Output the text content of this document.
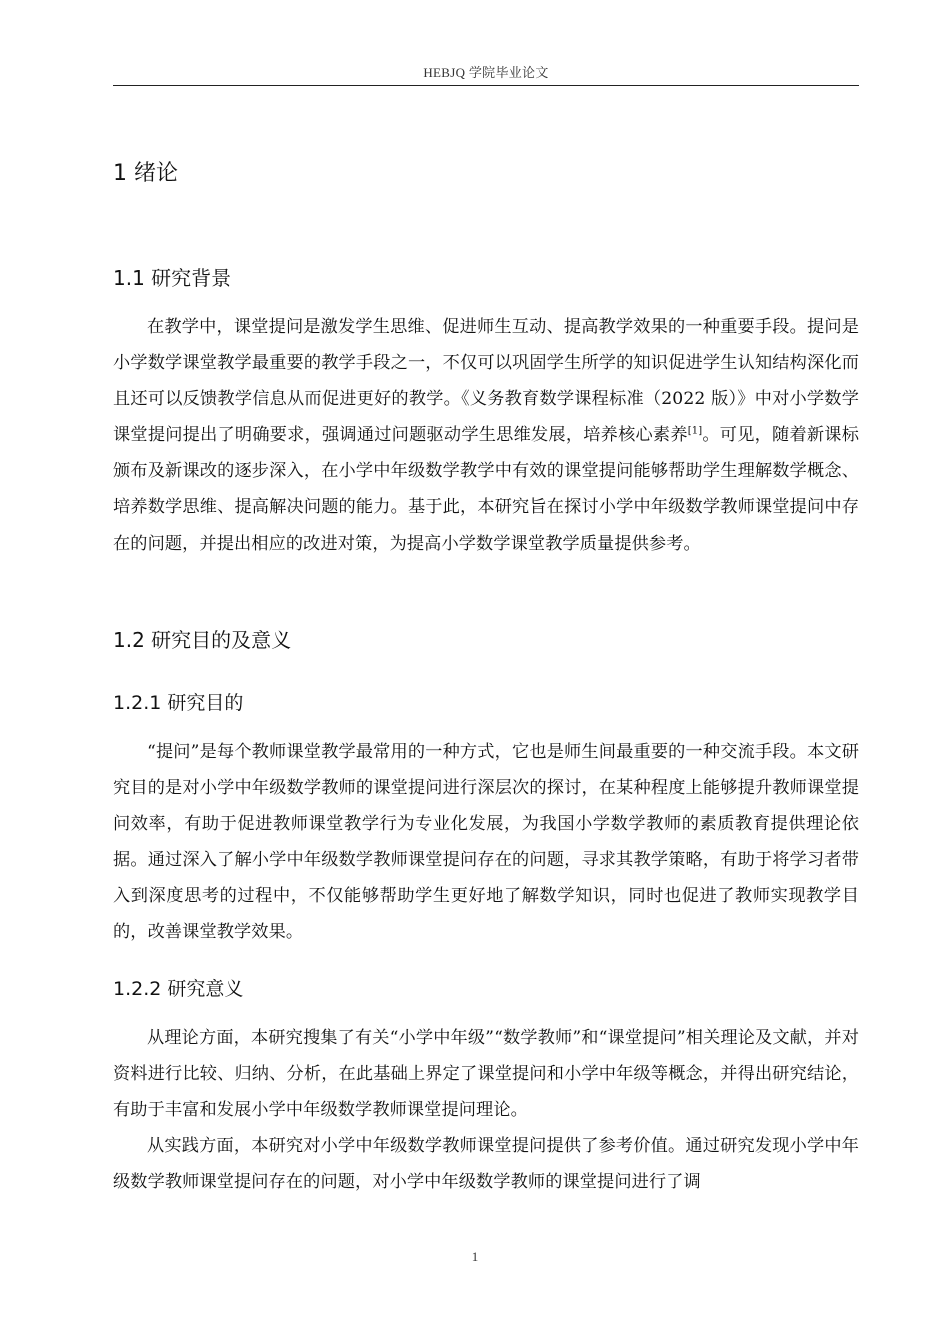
HEBJQ 学院毕业论文
1 绪论
1.1 研究背景
在教学中，课堂提问是激发学生思维、促进师生互动、提高教学效果的一种重要手段。提问是小学数学课堂教学最重要的教学手段之一，不仅可以巩固学生所学的知识促进学生认知结构深化而且还可以反馈教学信息从而促进更好的教学。《义务教育数学课程标准（2022 版）》中对小学数学课堂提问提出了明确要求，强调通过问题驱动学生思维发展，培养核心素养[1]。可见，随着新课标颁布及新课改的逐步深入，在小学中年级数学教学中有效的课堂提问能够帮助学生理解数学概念、培养数学思维、提高解决问题的能力。基于此，本研究旨在探讨小学中年级数学教师课堂提问中存在的问题，并提出相应的改进对策，为提高小学数学课堂教学质量提供参考。
1.2 研究目的及意义
1.2.1 研究目的
“提问”是每个教师课堂教学最常用的一种方式，它也是师生间最重要的一种交流手段。本文研究目的是对小学中年级数学教师的课堂提问进行深层次的探讨，在某种程度上能够提升教师课堂提问效率，有助于促进教师课堂教学行为专业化发展，为我国小学数学教师的素质教育提供理论依据。通过深入了解小学中年级数学教师课堂提问存在的问题，寻求其教学策略，有助于将学习者带入到深度思考的过程中，不仅能够帮助学生更好地了解数学知识，同时也促进了教师实现教学目的，改善课堂教学效果。
1.2.2 研究意义
从理论方面，本研究搜集了有关“小学中年级”“数学教师”和“课堂提问”相关理论及文献，并对资料进行比较、归纳、分析，在此基础上界定了课堂提问和小学中年级等概念，并得出研究结论，有助于丰富和发展小学中年级数学教师课堂提问理论。
从实践方面，本研究对小学中年级数学教师课堂提问提供了参考价值。通过研究发现小学中年级数学教师课堂提问存在的问题，对小学中年级数学教师的课堂提问进行了调
1
